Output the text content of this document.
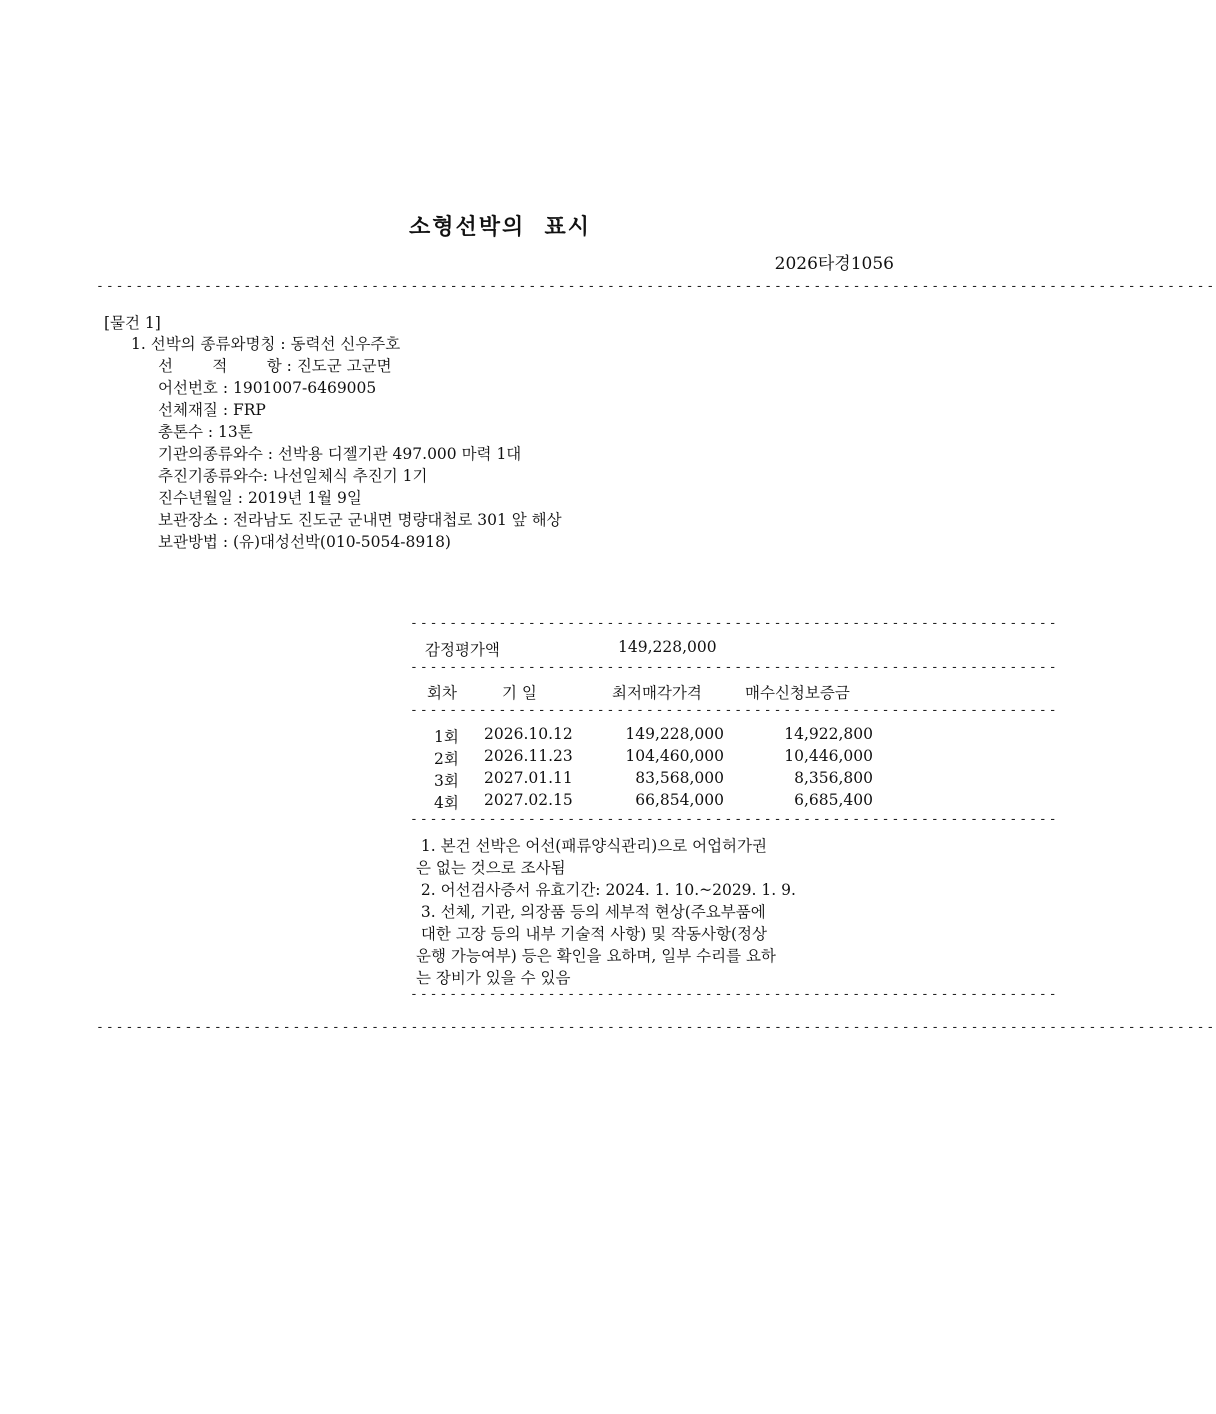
소형선박의  표시
2026타경1056
------------------------------------------------------------------------------------------------------------------
[물건 1]
1. 선박의 종류와명칭 : 동력선 신우주호
선        적        항 : 진도군 고군면
어선번호 : 1901007-6469005
선체재질 : FRP
총톤수 : 13톤
기관의종류와수 : 선박용 디젤기관 497.000 마력 1대
추진기종류와수: 나선일체식 추진기 1기
진수년월일 : 2019년 1월 9일
보관장소 : 전라남도 진도군 군내면 명량대첩로 301 앞 해상
보관방법 : (유)대성선박(010-5054-8918)
------------------------------------------------------------------
감정평가액	149,228,000
------------------------------------------------------------------
회차	기 일	최저매각가격	매수신청보증금
------------------------------------------------------------------
1회 2026.10.12	149,228,000	14,922,800
2회 2026.11.23	104,460,000	10,446,000
3회 2027.01.11	83,568,000	8,356,800
4회 2027.02.15	66,854,000	6,685,400
------------------------------------------------------------------
1. 본건 선박은 어선(패류양식관리)으로 어업허가권
은 없는 것으로 조사됨
2. 어선검사증서 유효기간: 2024. 1. 10.~2029. 1. 9.
3. 선체, 기관, 의장품 등의 세부적 현상(주요부품에
대한 고장 등의 내부 기술적 사항) 및 작동사항(정상
운행 가능여부) 등은 확인을 요하며, 일부 수리를 요하
는 장비가 있을 수 있음
------------------------------------------------------------------
------------------------------------------------------------------------------------------------------------------
